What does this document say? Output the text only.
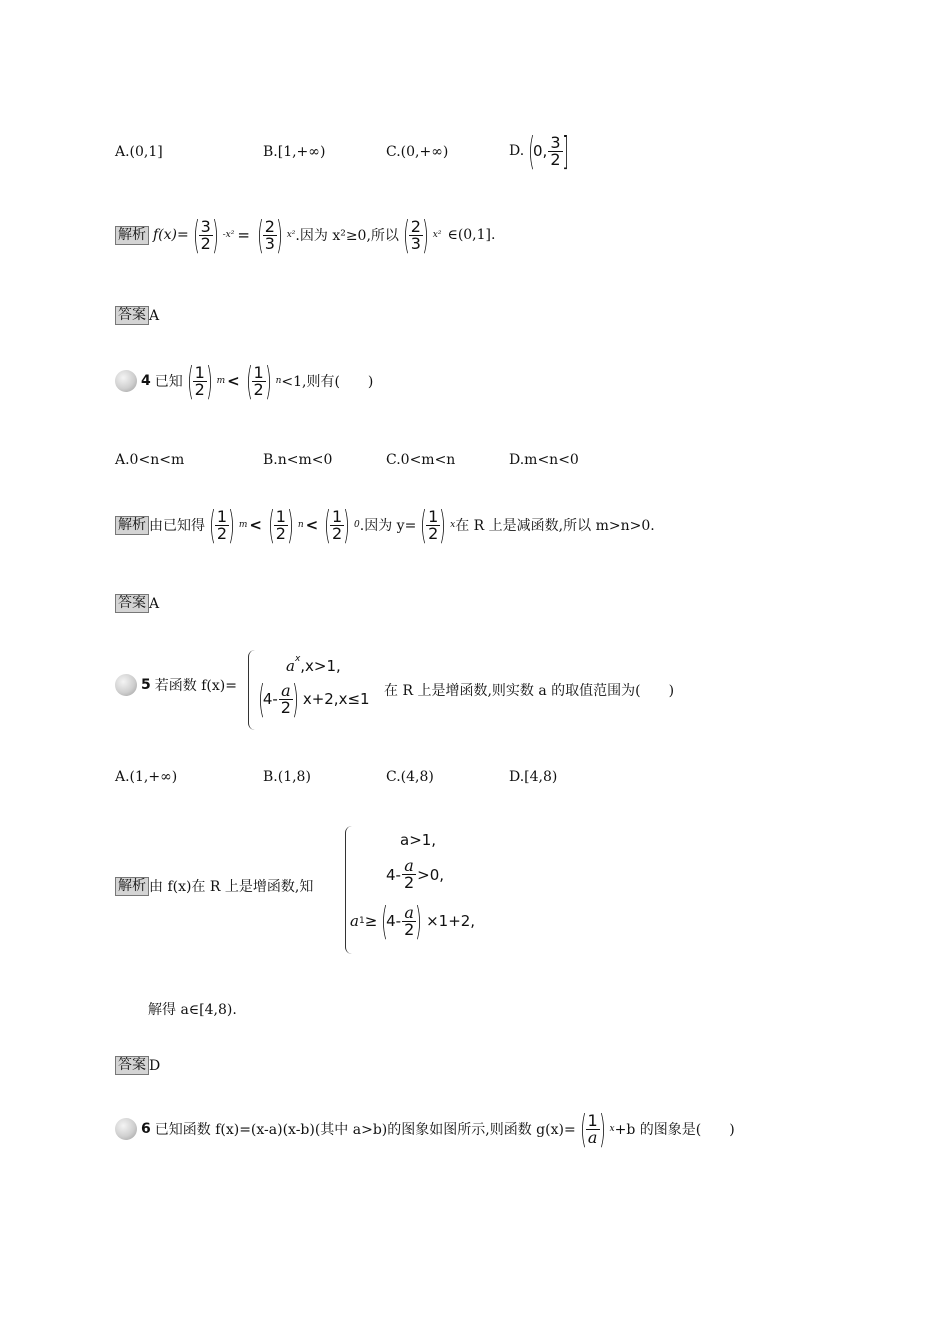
A.(0,1]	B.[1,+∞)	C.(0,+∞)	D. (
0, $\frac{3}{2}$ ]
解析 f(x)= ( $\frac{3}{2}$ ) -x² = ( $\frac{2}{3}$ ) x² .因为 x²≥0,所以 ( $\frac{2}{3}$ ) x² ∈(0,1].
答案 A
4 已知 ( $\frac{1}{2}$ ) m < ( $\frac{1}{2}$ ) n <1,则有(　　)
A.0<n<m	B.n<m<0	C.0<m<n	D.m<n<0
解析 由已知得 ( $\frac{1}{2}$ ) m < ( $\frac{1}{2}$ ) n < ( $\frac{1}{2}$ ) 0 .因为 y= ( $\frac{1}{2}$ ) x 在 R 上是减函数,所以 m>n>0.
答案 A
5 若函数 f(x)=
$a^x,x>1$,
(
$4- \frac{a}{2}$ ) x+2,x≤1 在 R 上是增函数,则实数 a 的取值范围为(　　)
A.(1,+∞)	B.(1,8)	C.(4,8)	D.[4,8)
解析 由 f(x)在 R 上是增函数,知
a>1,
$4- \frac{a}{2} >0$,
a 1 ≥ (
$4- \frac{a}{2}$ ) ×1+2,
解得 a∈[4,8).
答案 D
6 已知函数 f(x)=(x-a)(x-b)(其中 a>b)的图象如图所示,则函数 g(x)= ( $\frac{1}{a}$ ) x +b 的图象是(　　)
